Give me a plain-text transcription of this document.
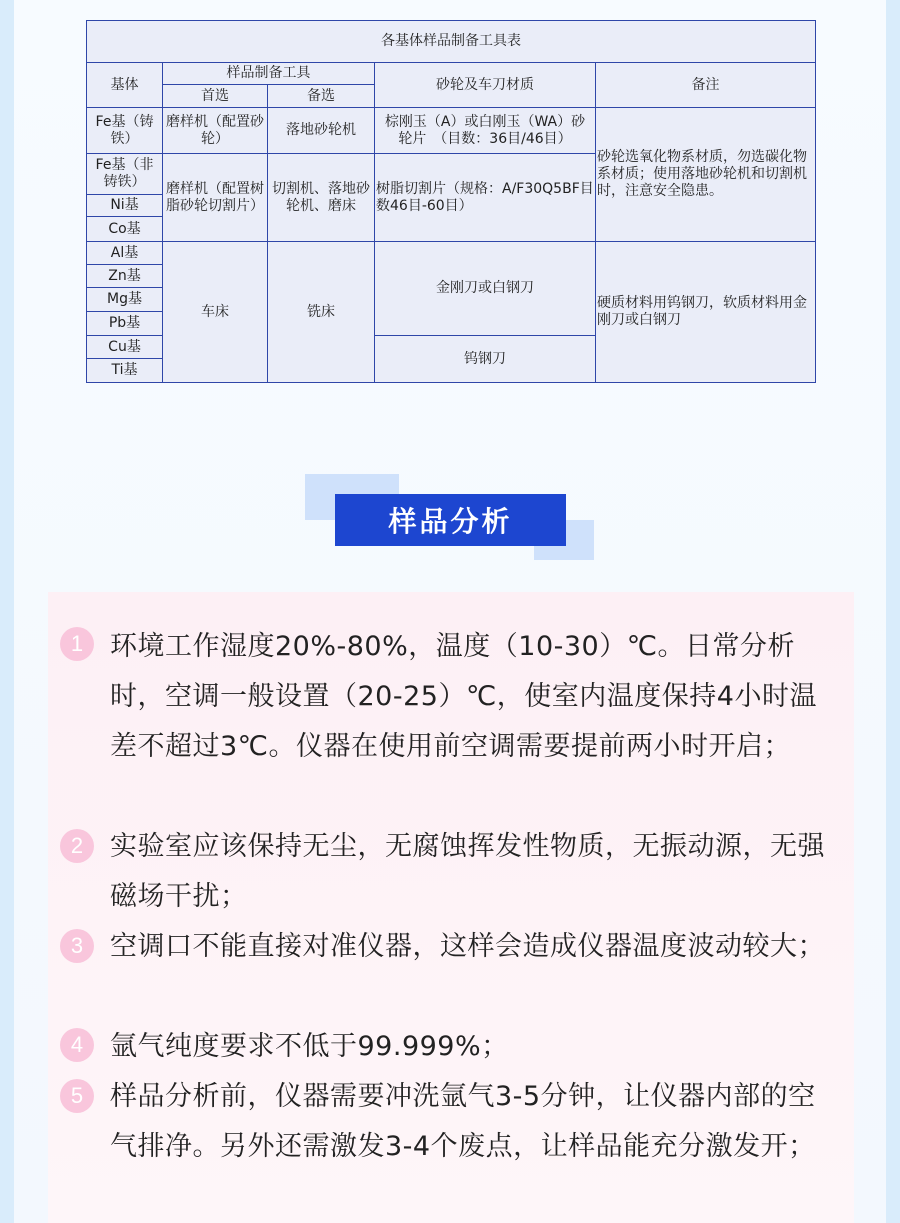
各基体样品制备工具表				
基体	样品制备工具		砂轮及车刀材质	备注
	首选	备选		
Fe基（铸铁）	磨样机（配置砂轮）	落地砂轮机	棕刚玉（A）或白刚玉（WA）砂轮片　（目数：36目/46目）	砂轮选氧化物系材质，勿选碳化物系材质；使用落地砂轮机和切割机时，注意安全隐患。
Fe基（非铸铁）	磨样机（配置树脂砂轮切割片）	切割机、落地砂轮机、磨床	树脂切割片（规格：A/F30Q5BF目数46目-60目）	
Ni基				
Co基				
Al基	车床	铣床	金刚刀或白钢刀	硬质材料用钨钢刀，软质材料用金刚刀或白钢刀
Zn基				
Mg基				
Pb基				
Cu基			钨钢刀	
Ti基				
样品分析
1 环境工作湿度20%-80%，温度（10-30）℃。日常分析时，空调一般设置（20-25）℃，使室内温度保持4小时温差不超过3℃。仪器在使用前空调需要提前两小时开启；
2 实验室应该保持无尘，无腐蚀挥发性物质，无振动源，无强磁场干扰；
3 空调口不能直接对准仪器，这样会造成仪器温度波动较大；
4 氩气纯度要求不低于99.999%；
5 样品分析前，仪器需要冲洗氩气3-5分钟，让仪器内部的空气排净。另外还需激发3-4个废点，让样品能充分激发开；
